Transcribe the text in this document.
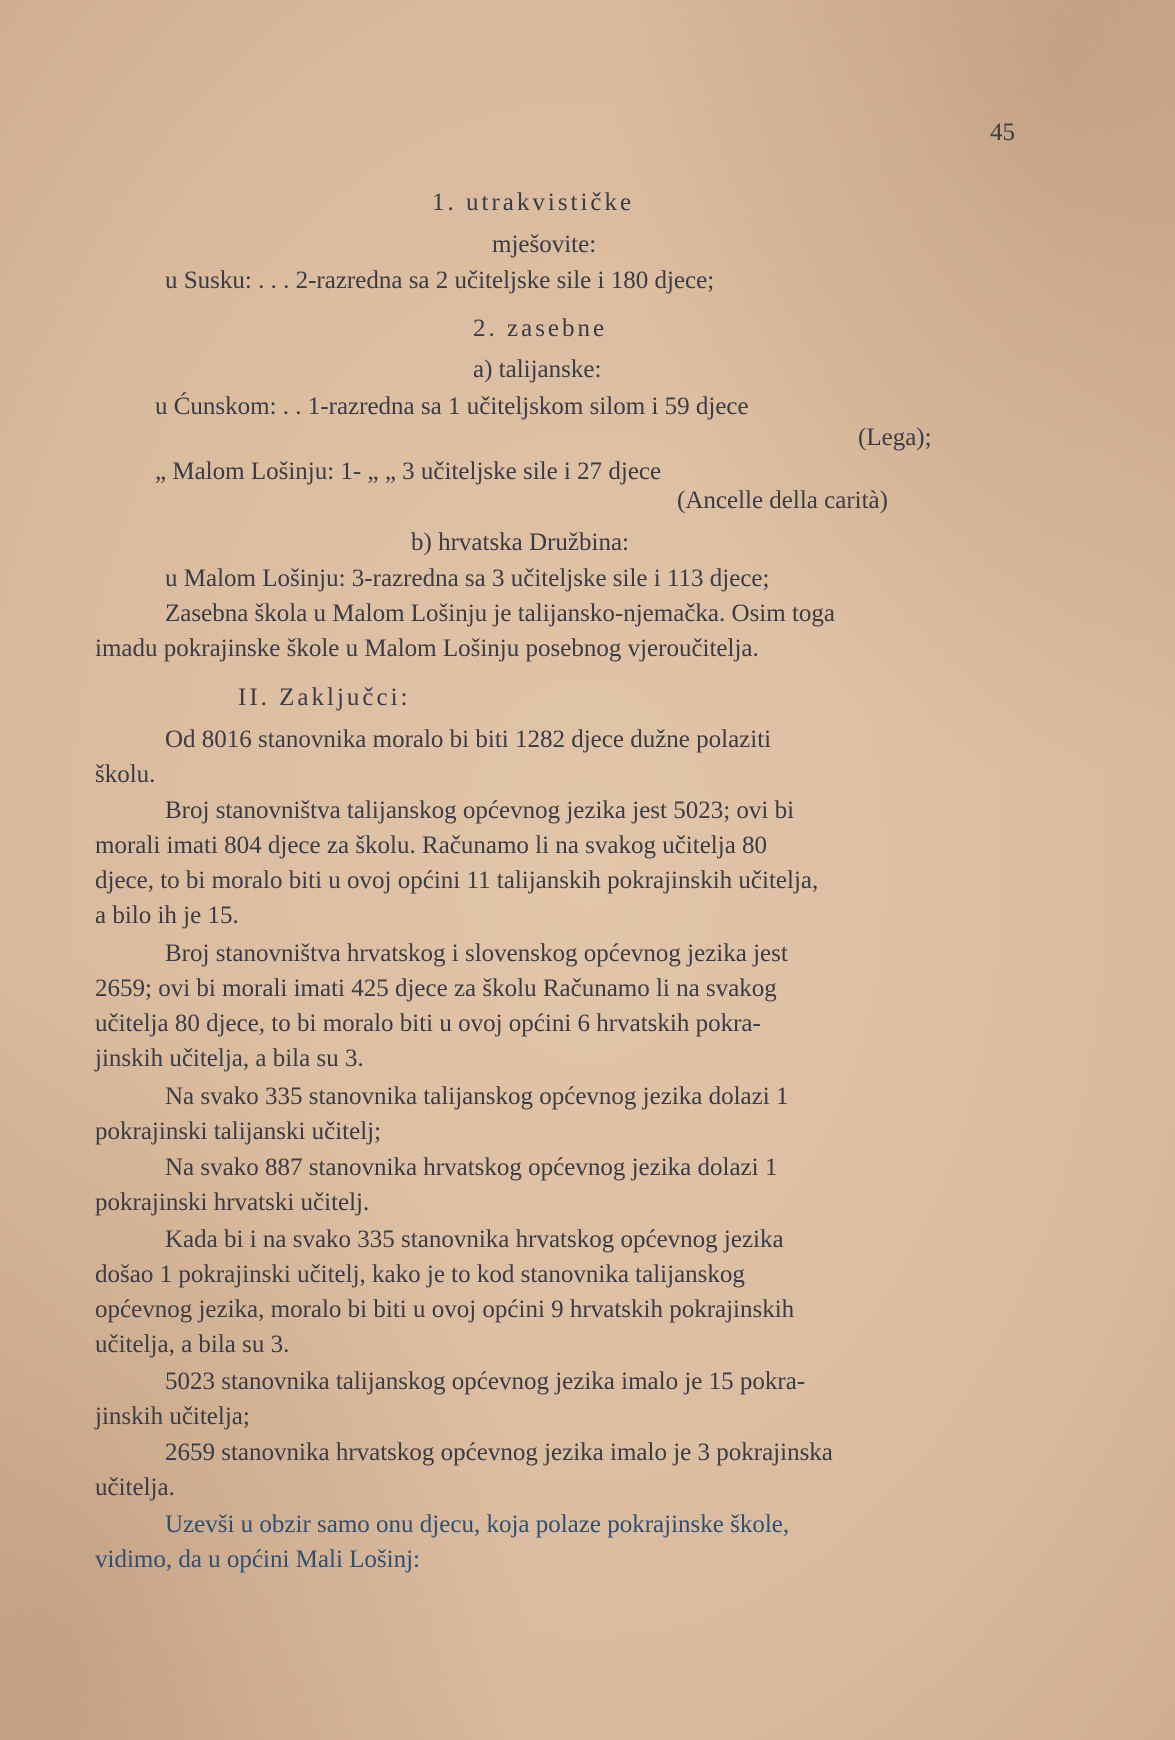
45
1. utrakvističke
mješovite:
u Susku: . . . 2-razredna sa 2 učiteljske sile i 180 djece;
2. zasebne
a) talijanske:
u Ćunskom: . . 1-razredna sa 1 učiteljskom silom i 59 djece
(Lega);
„ Malom Lošinju: 1- „ „ 3 učiteljske sile i 27 djece
(Ancelle della carità)
b) hrvatska Družbina:
u Malom Lošinju: 3-razredna sa 3 učiteljske sile i 113 djece;
Zasebna škola u Malom Lošinju je talijansko-njemačka. Osim toga
imadu pokrajinske škole u Malom Lošinju posebnog vjeroučitelja.
II. Zaključci:
Od 8016 stanovnika moralo bi biti 1282 djece dužne polaziti
školu.
Broj stanovništva talijanskog općevnog jezika jest 5023; ovi bi
morali imati 804 djece za školu. Računamo li na svakog učitelja 80
djece, to bi moralo biti u ovoj općini 11 talijanskih pokrajinskih učitelja,
a bilo ih je 15.
Broj stanovništva hrvatskog i slovenskog općevnog jezika jest
2659; ovi bi morali imati 425 djece za školu Računamo li na svakog
učitelja 80 djece, to bi moralo biti u ovoj općini 6 hrvatskih pokra-
jinskih učitelja, a bila su 3.
Na svako 335 stanovnika talijanskog općevnog jezika dolazi 1
pokrajinski talijanski učitelj;
Na svako 887 stanovnika hrvatskog općevnog jezika dolazi 1
pokrajinski hrvatski učitelj.
Kada bi i na svako 335 stanovnika hrvatskog općevnog jezika
došao 1 pokrajinski učitelj, kako je to kod stanovnika talijanskog
općevnog jezika, moralo bi biti u ovoj općini 9 hrvatskih pokrajinskih
učitelja, a bila su 3.
5023 stanovnika talijanskog općevnog jezika imalo je 15 pokra-
jinskih učitelja;
2659 stanovnika hrvatskog općevnog jezika imalo je 3 pokrajinska
učitelja.
Uzevši u obzir samo onu djecu, koja polaze pokrajinske škole,
vidimo, da u općini Mali Lošinj:
